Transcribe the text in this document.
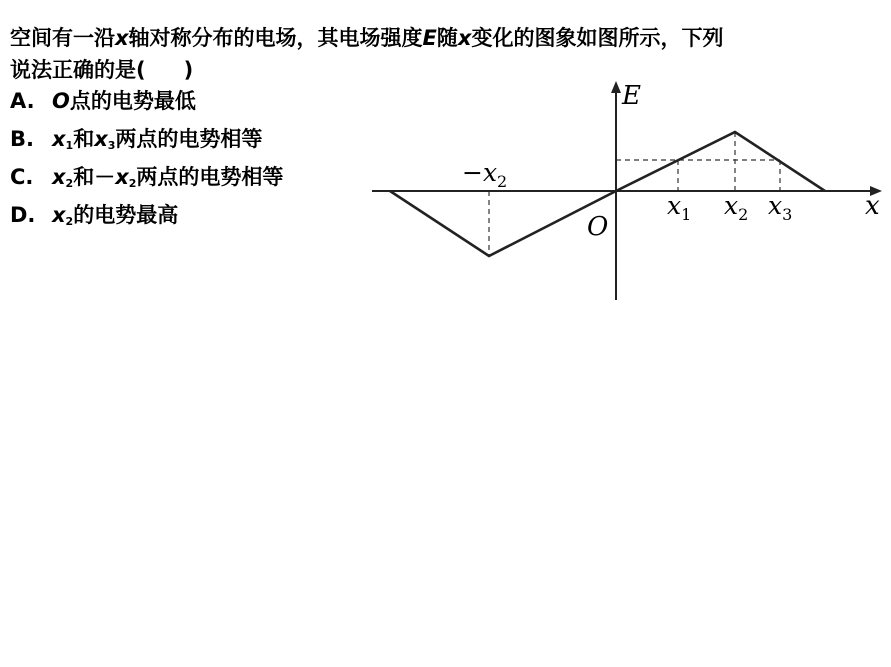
空间有一沿x轴对称分布的电场，其电场强度E随x变化的图象如图所示，下列
说法正确的是( )
A. O点的电势最低
B. $x_1$和$x_3$两点的电势相等
C. $x_2$和$-x_2$两点的电势相等
D. $x_2$的电势最高
E
x
O
$-x_2$
$x_1$ $x_2$ $x_3$
